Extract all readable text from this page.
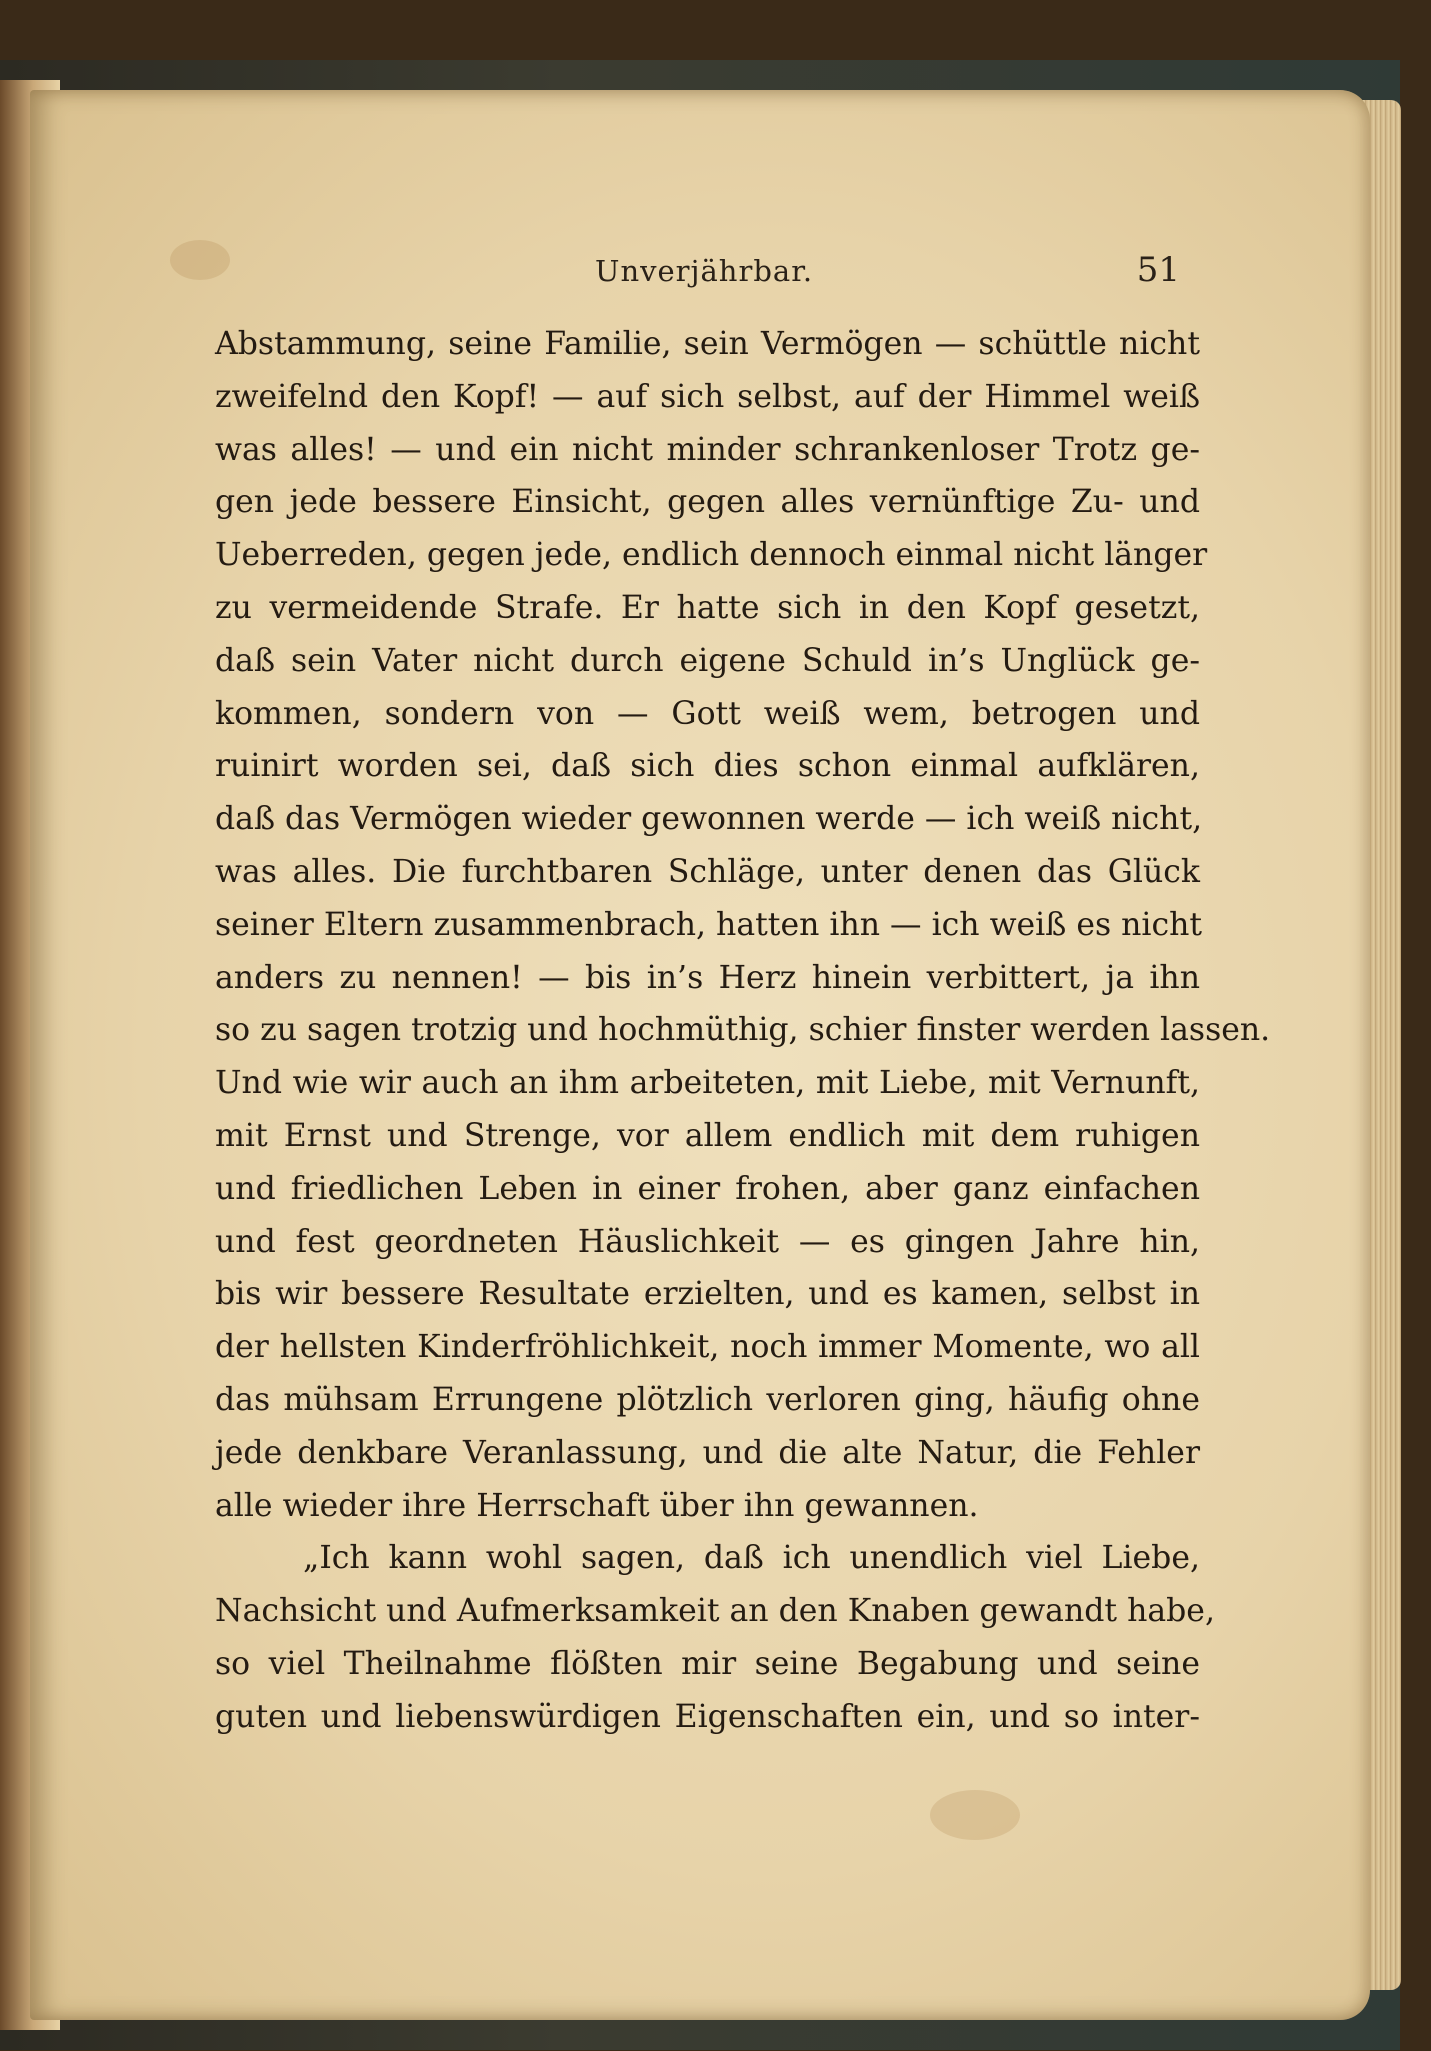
Unverjährbar.	51
Abstammung, seine Familie, sein Vermögen — schüttle nicht
zweifelnd den Kopf! — auf sich selbst, auf der Himmel weiß
was alles! — und ein nicht minder schrankenloser Trotz ge-
gen jede bessere Einsicht, gegen alles vernünftige Zu- und
Ueberreden, gegen jede, endlich dennoch einmal nicht länger
zu vermeidende Strafe. Er hatte sich in den Kopf gesetzt,
daß sein Vater nicht durch eigene Schuld in’s Unglück ge-
kommen, sondern von — Gott weiß wem, betrogen und
ruinirt worden sei, daß sich dies schon einmal aufklären,
daß das Vermögen wieder gewonnen werde — ich weiß nicht,
was alles. Die furchtbaren Schläge, unter denen das Glück
seiner Eltern zusammenbrach, hatten ihn — ich weiß es nicht
anders zu nennen! — bis in’s Herz hinein verbittert, ja ihn
so zu sagen trotzig und hochmüthig, schier finster werden lassen.
Und wie wir auch an ihm arbeiteten, mit Liebe, mit Vernunft,
mit Ernst und Strenge, vor allem endlich mit dem ruhigen
und friedlichen Leben in einer frohen, aber ganz einfachen
und fest geordneten Häuslichkeit — es gingen Jahre hin,
bis wir bessere Resultate erzielten, und es kamen, selbst in
der hellsten Kinderfröhlichkeit, noch immer Momente, wo all
das mühsam Errungene plötzlich verloren ging, häufig ohne
jede denkbare Veranlassung, und die alte Natur, die Fehler
alle wieder ihre Herrschaft über ihn gewannen.
„Ich kann wohl sagen, daß ich unendlich viel Liebe,
Nachsicht und Aufmerksamkeit an den Knaben gewandt habe,
so viel Theilnahme flößten mir seine Begabung und seine
guten und liebenswürdigen Eigenschaften ein, und so inter-
